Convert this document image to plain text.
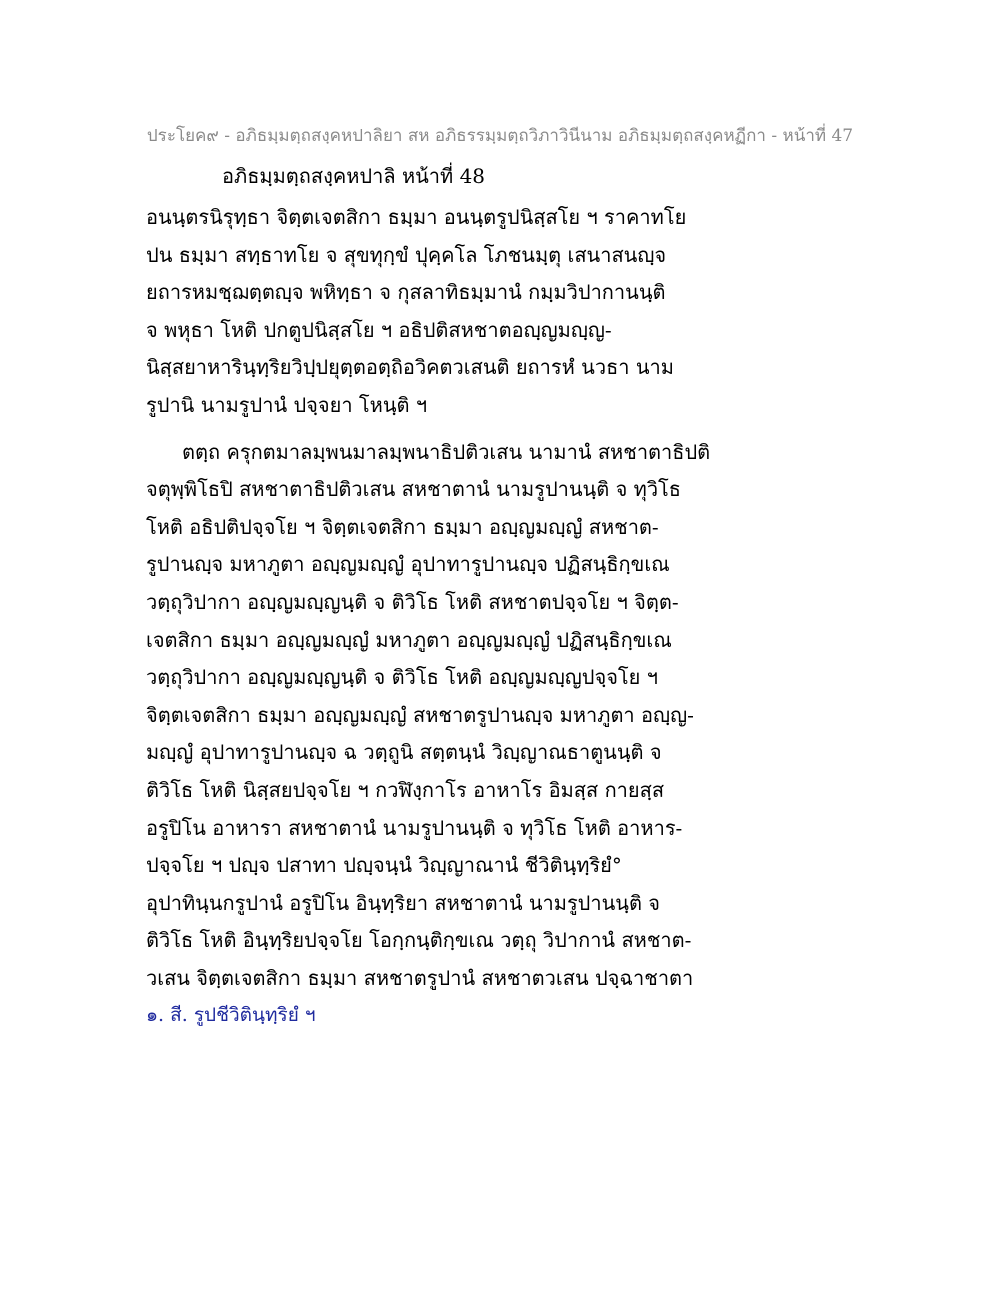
ประโยค๙ - อภิธมฺมตฺถสงฺคหปาลิยา สห อภิธรรมฺมตฺถวิภาวินีนาม อภิธมฺมตฺถสงฺคหฏีกา - หน้าที่ 47
อภิธมฺมตฺถสงฺคหปาลิ หน้าที่ 48
อนนฺตรนิรุทฺธา จิตฺตเจตสิกา ธมฺมา อนนฺตรูปนิสฺสโย ฯ ราคาทโย
ปน ธมฺมา สทฺธาทโย จ สุขทุกฺขํ ปุคฺคโล โภชนมฺตุ เสนาสนญฺจ
ยถารหมชฺฌตฺตญฺจ พหิทฺธา จ กุสลาทิธมฺมานํ กมฺมวิปากานนฺติ
จ พหุธา โหติ ปกตูปนิสฺสโย ฯ อธิปติสหชาตอญฺญมญฺญ-
นิสฺสยาหารินฺทฺริยวิปฺปยุตฺตอตฺถิอวิคตวเสนติ ยถารหํ นวธา นาม
รูปานิ นามรูปานํ ปจฺจยา โหนฺติ ฯ
ตตฺถ ครุกตมาลมฺพนมาลมฺพนาธิปติวเสน นามานํ สหชาตาธิปติ
จตุพฺพิโธปิ สหชาตาธิปติวเสน สหชาตานํ นามรูปานนฺติ จ ทุวิโธ
โหติ อธิปติปจฺจโย ฯ จิตฺตเจตสิกา ธมฺมา อญฺญมญฺญํ สหชาต-
รูปานญฺจ มหาภูตา อญฺญมญฺญํ อุปาทารูปานญฺจ ปฏิสนฺธิกฺขเณ
วตฺถุวิปากา อญฺญมญฺญนฺติ จ ติวิโธ โหติ สหชาตปจฺจโย ฯ จิตฺต-
เจตสิกา ธมฺมา อญฺญมญฺญํ มหาภูตา อญฺญมญฺญํ ปฏิสนฺธิกฺขเณ
วตฺถุวิปากา อญฺญมญฺญนฺติ จ ติวิโธ โหติ อญฺญมญฺญปจฺจโย ฯ
จิตฺตเจตสิกา ธมฺมา อญฺญมญฺญํ สหชาตรูปานญฺจ มหาภูตา อญฺญ-
มญฺญํ อุปาทารูปานญฺจ ฉ วตฺถูนิ สตฺตนฺนํ วิญฺญาณธาตูนนฺติ จ
ติวิโธ โหติ นิสฺสยปจฺจโย ฯ กวฬิงฺกาโร อาหาโร อิมสฺส กายสฺส
อรูปิโน อาหารา สหชาตานํ นามรูปานนฺติ จ ทุวิโธ โหติ อาหาร-
ปจฺจโย ฯ ปญฺจ ปสาทา ปญฺจนฺนํ วิญฺญาณานํ ชีวิตินฺทฺริยํ°
อุปาทินฺนกรูปานํ อรูปิโน อินฺทฺริยา สหชาตานํ นามรูปานนฺติ จ
ติวิโธ โหติ อินฺทฺริยปจฺจโย โอกฺกนฺติกฺขเณ วตฺถุ วิปากานํ สหชาต-
วเสน จิตฺตเจตสิกา ธมฺมา สหชาตรูปานํ สหชาตวเสน ปจฺฉาชาตา
๑. สี. รูปชีวิตินฺทฺริยํ ฯ
